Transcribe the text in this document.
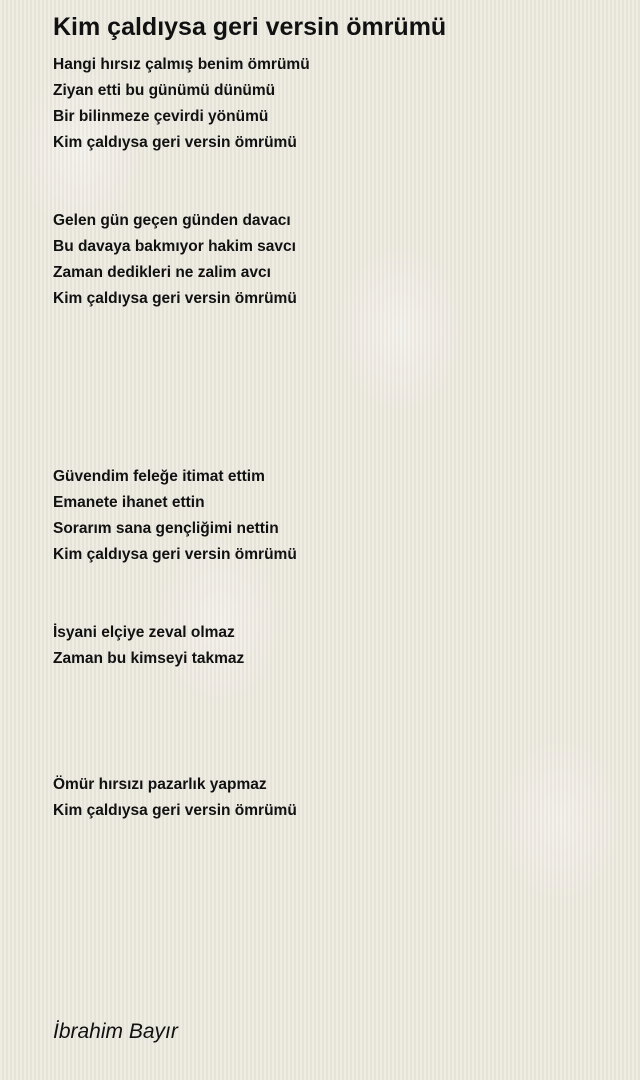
Kim çaldıysa geri versin ömrümü
Hangi hırsız çalmış benim ömrümü
Ziyan etti bu günümü dünümü
Bir bilinmeze çevirdi yönümü
Kim çaldıysa geri versin ömrümü
Gelen gün geçen günden davacı
Bu davaya bakmıyor hakim savcı
Zaman dedikleri ne zalim avcı
Kim çaldıysa geri versin ömrümü
Güvendim feleğe itimat ettim
Emanete ihanet ettin
Sorarım sana gençliğimi nettin
Kim çaldıysa geri versin ömrümü
İsyani elçiye zeval olmaz
Zaman bu kimseyi takmaz
Ömür hırsızı pazarlık yapmaz
Kim çaldıysa geri versin ömrümü

İbrahim Bayır
